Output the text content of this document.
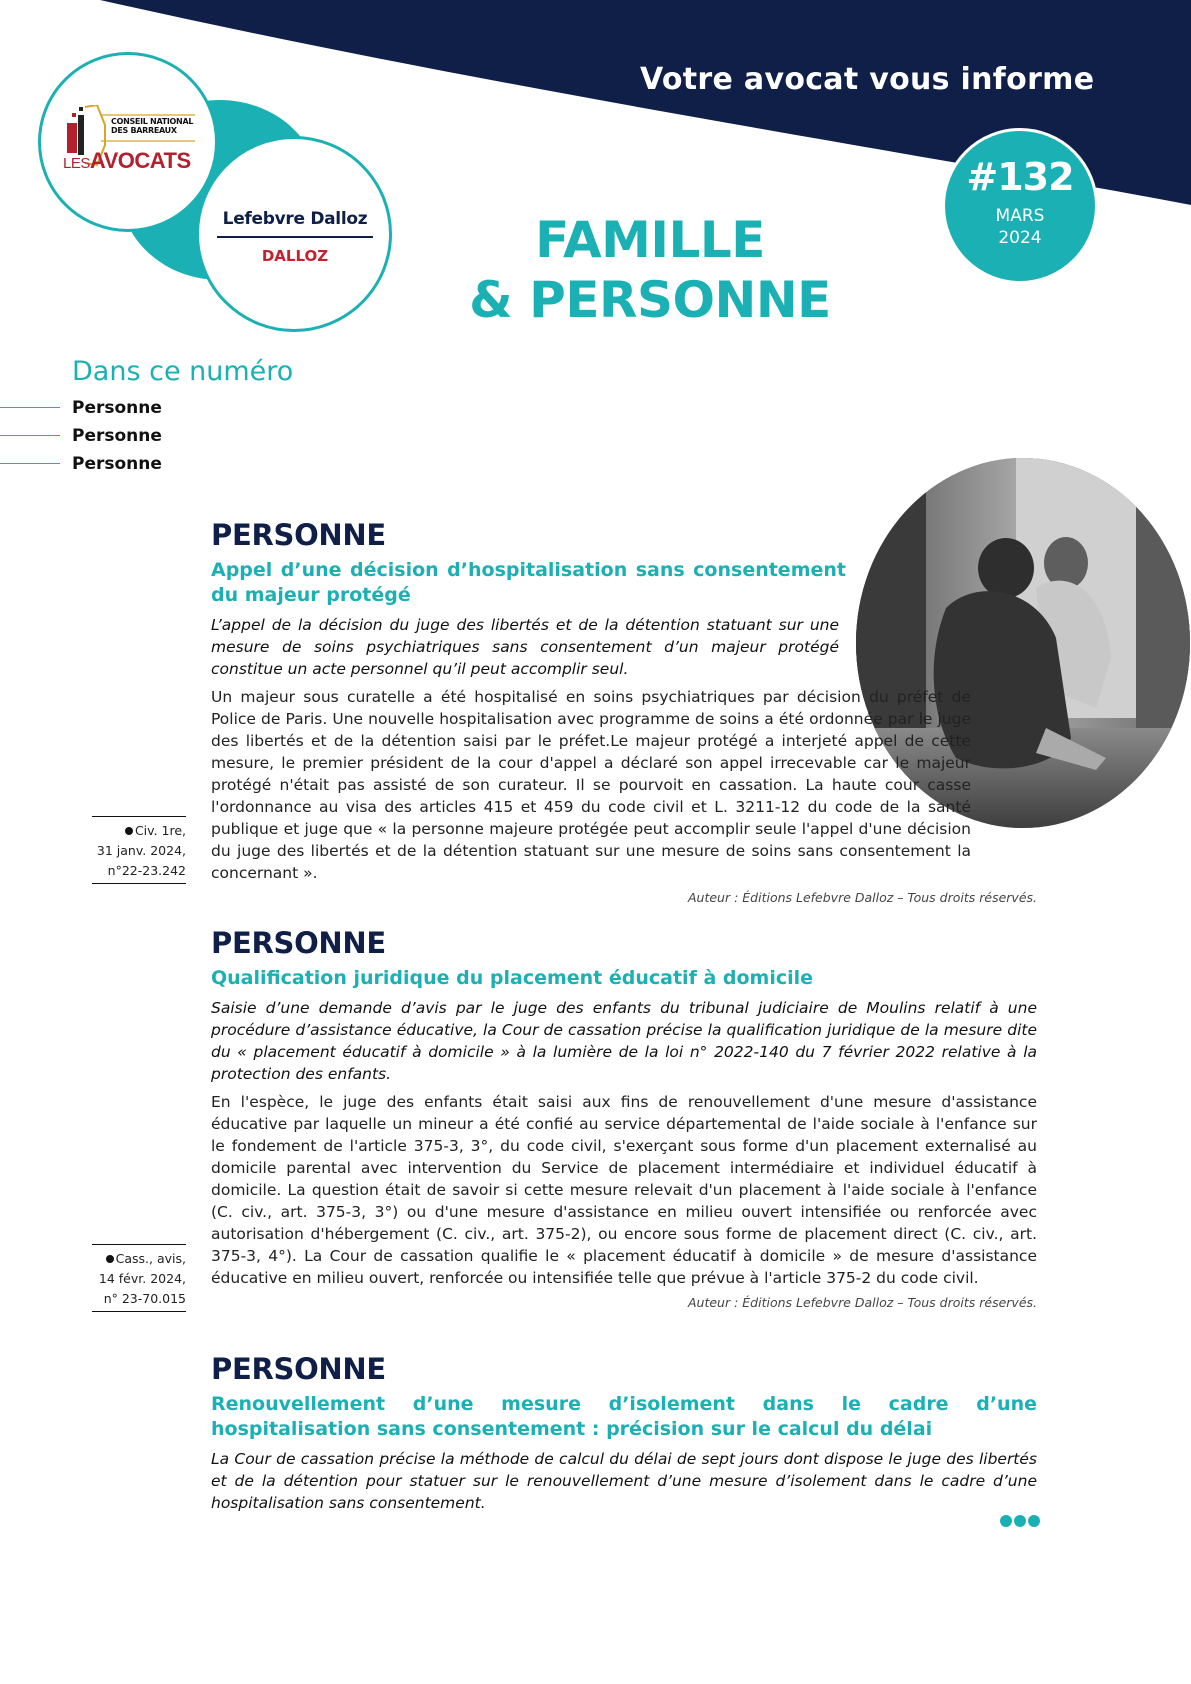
Votre avocat vous informe
#132
MARS
2024
CONSEIL NATIONAL
DES BARREAUX
LESAVOCATS
Lefebvre Dalloz
DALLOZ	FAMILLE
& PERSONNE
Dans ce numéro
Personne
Personne
Personne
PERSONNE
Appel d’une décision d’hospitalisation sans consentement du majeur protégé
L’appel de la décision du juge des libertés et de la détention statuant sur une mesure de soins psychiatriques sans consentement d’un majeur protégé constitue un acte personnel qu’il peut accomplir seul.
Un majeur sous curatelle a été hospitalisé en soins psychiatriques par décision du préfet de Police de Paris. Une nouvelle hospitalisation avec programme de soins a été ordonnée par le juge des libertés et de la détention saisi par le préfet.Le majeur protégé a interjeté appel de cette mesure, le premier président de la cour d'appel a déclaré son appel irrecevable car le majeur protégé n'était pas assisté de son curateur. Il se pourvoit en cassation. La haute cour casse l'ordonnance au visa des articles 415 et 459 du code civil et L. 3211-12 du code de la santé publique et juge que « la personne majeure protégée peut accomplir seule l'appel d'une décision du juge des libertés et de la détention statuant sur une mesure de soins sans consentement la concernant ».
Auteur : Éditions Lefebvre Dalloz – Tous droits réservés.
Civ. 1re,
31 janv. 2024,
n°22-23.242
PERSONNE
Qualification juridique du placement éducatif à domicile
Saisie d’une demande d’avis par le juge des enfants du tribunal judiciaire de Moulins relatif à une procédure d’assistance éducative, la Cour de cassation précise la qualification juridique de la mesure dite du « placement éducatif à domicile » à la lumière de la loi n° 2022-140 du 7 février 2022 relative à la protection des enfants.
En l'espèce, le juge des enfants était saisi aux fins de renouvellement d'une mesure d'assistance éducative par laquelle un mineur a été confié au service départemental de l'aide sociale à l'enfance sur le fondement de l'article 375-3, 3°, du code civil, s'exerçant sous forme d'un placement externalisé au domicile parental avec intervention du Service de placement intermédiaire et individuel éducatif à domicile. La question était de savoir si cette mesure relevait d'un placement à l'aide sociale à l'enfance (C. civ., art. 375-3, 3°) ou d'une mesure d'assistance en milieu ouvert intensifiée ou renforcée avec autorisation d'hébergement (C. civ., art. 375-2), ou encore sous forme de placement direct (C. civ., art. 375-3, 4°). La Cour de cassation qualifie le « placement éducatif à domicile » de mesure d'assistance éducative en milieu ouvert, renforcée ou intensifiée telle que prévue à l'article 375-2 du code civil.
Auteur : Éditions Lefebvre Dalloz – Tous droits réservés.
Cass., avis,
14 févr. 2024,
n° 23-70.015
PERSONNE
Renouvellement d’une mesure d’isolement dans le cadre d’une hospitalisation sans consentement : précision sur le calcul du délai
La Cour de cassation précise la méthode de calcul du délai de sept jours dont dispose le juge des libertés et de la détention pour statuer sur le renouvellement d’une mesure d’isolement dans le cadre d’une hospitalisation sans consentement.
